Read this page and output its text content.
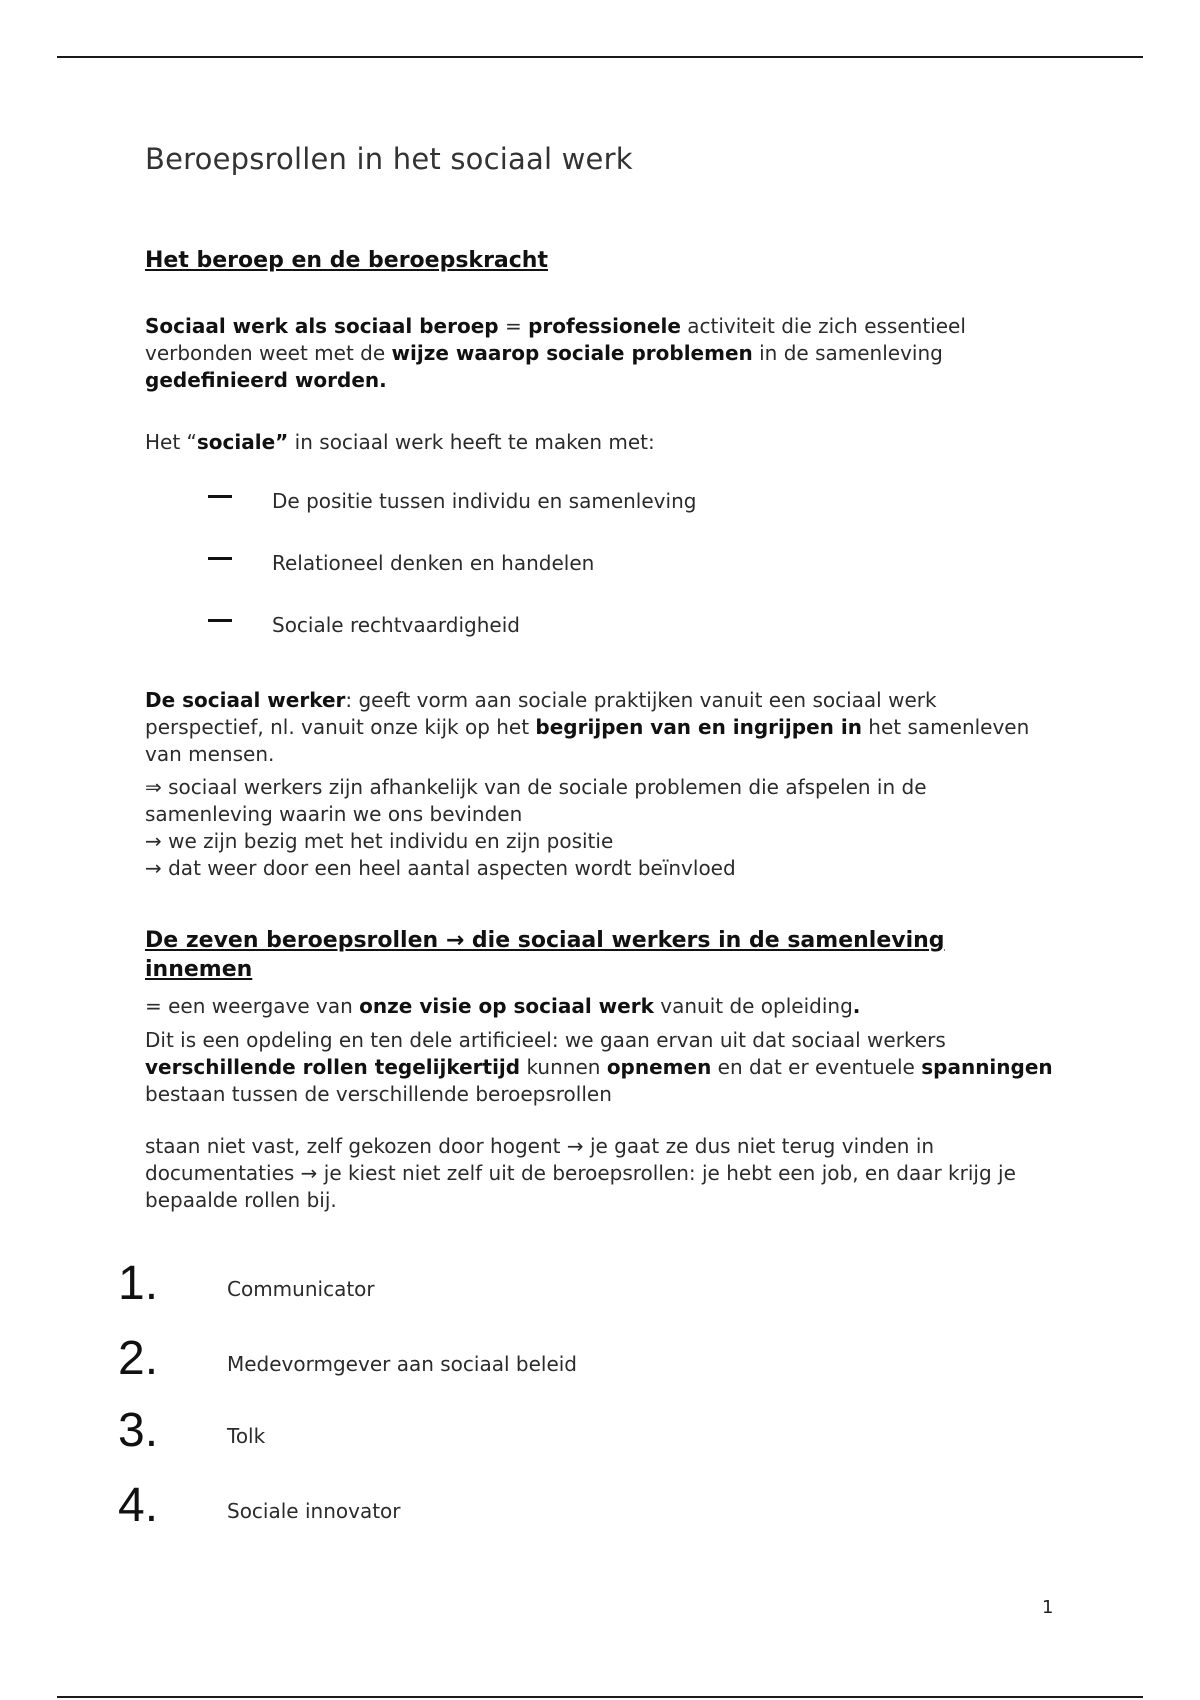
Beroepsrollen in het sociaal werk
Het beroep en de beroepskracht
Sociaal werk als sociaal beroep = professionele activiteit die zich essentieel verbonden weet met de wijze waarop sociale problemen in de samenleving gedefinieerd worden.
Het “sociale” in sociaal werk heeft te maken met:
De positie tussen individu en samenleving
Relationeel denken en handelen
Sociale rechtvaardigheid
De sociaal werker: geeft vorm aan sociale praktijken vanuit een sociaal werk perspectief, nl. vanuit onze kijk op het begrijpen van en ingrijpen in het samenleven van mensen.
⇒ sociaal werkers zijn afhankelijk van de sociale problemen die afspelen in de samenleving waarin we ons bevinden
→ we zijn bezig met het individu en zijn positie
→ dat weer door een heel aantal aspecten wordt beïnvloed
De zeven beroepsrollen → die sociaal werkers in de samenleving
innemen
= een weergave van onze visie op sociaal werk vanuit de opleiding.
Dit is een opdeling en ten dele artificieel: we gaan ervan uit dat sociaal werkers verschillende rollen tegelijkertijd kunnen opnemen en dat er eventuele spanningen bestaan tussen de verschillende beroepsrollen
staan niet vast, zelf gekozen door hogent → je gaat ze dus niet terug vinden in documentaties → je kiest niet zelf uit de beroepsrollen: je hebt een job, en daar krijg je bepaalde rollen bij.
1.	Communicator
2.	Medevormgever aan sociaal beleid
3.	Tolk
4.	Sociale innovator
1
